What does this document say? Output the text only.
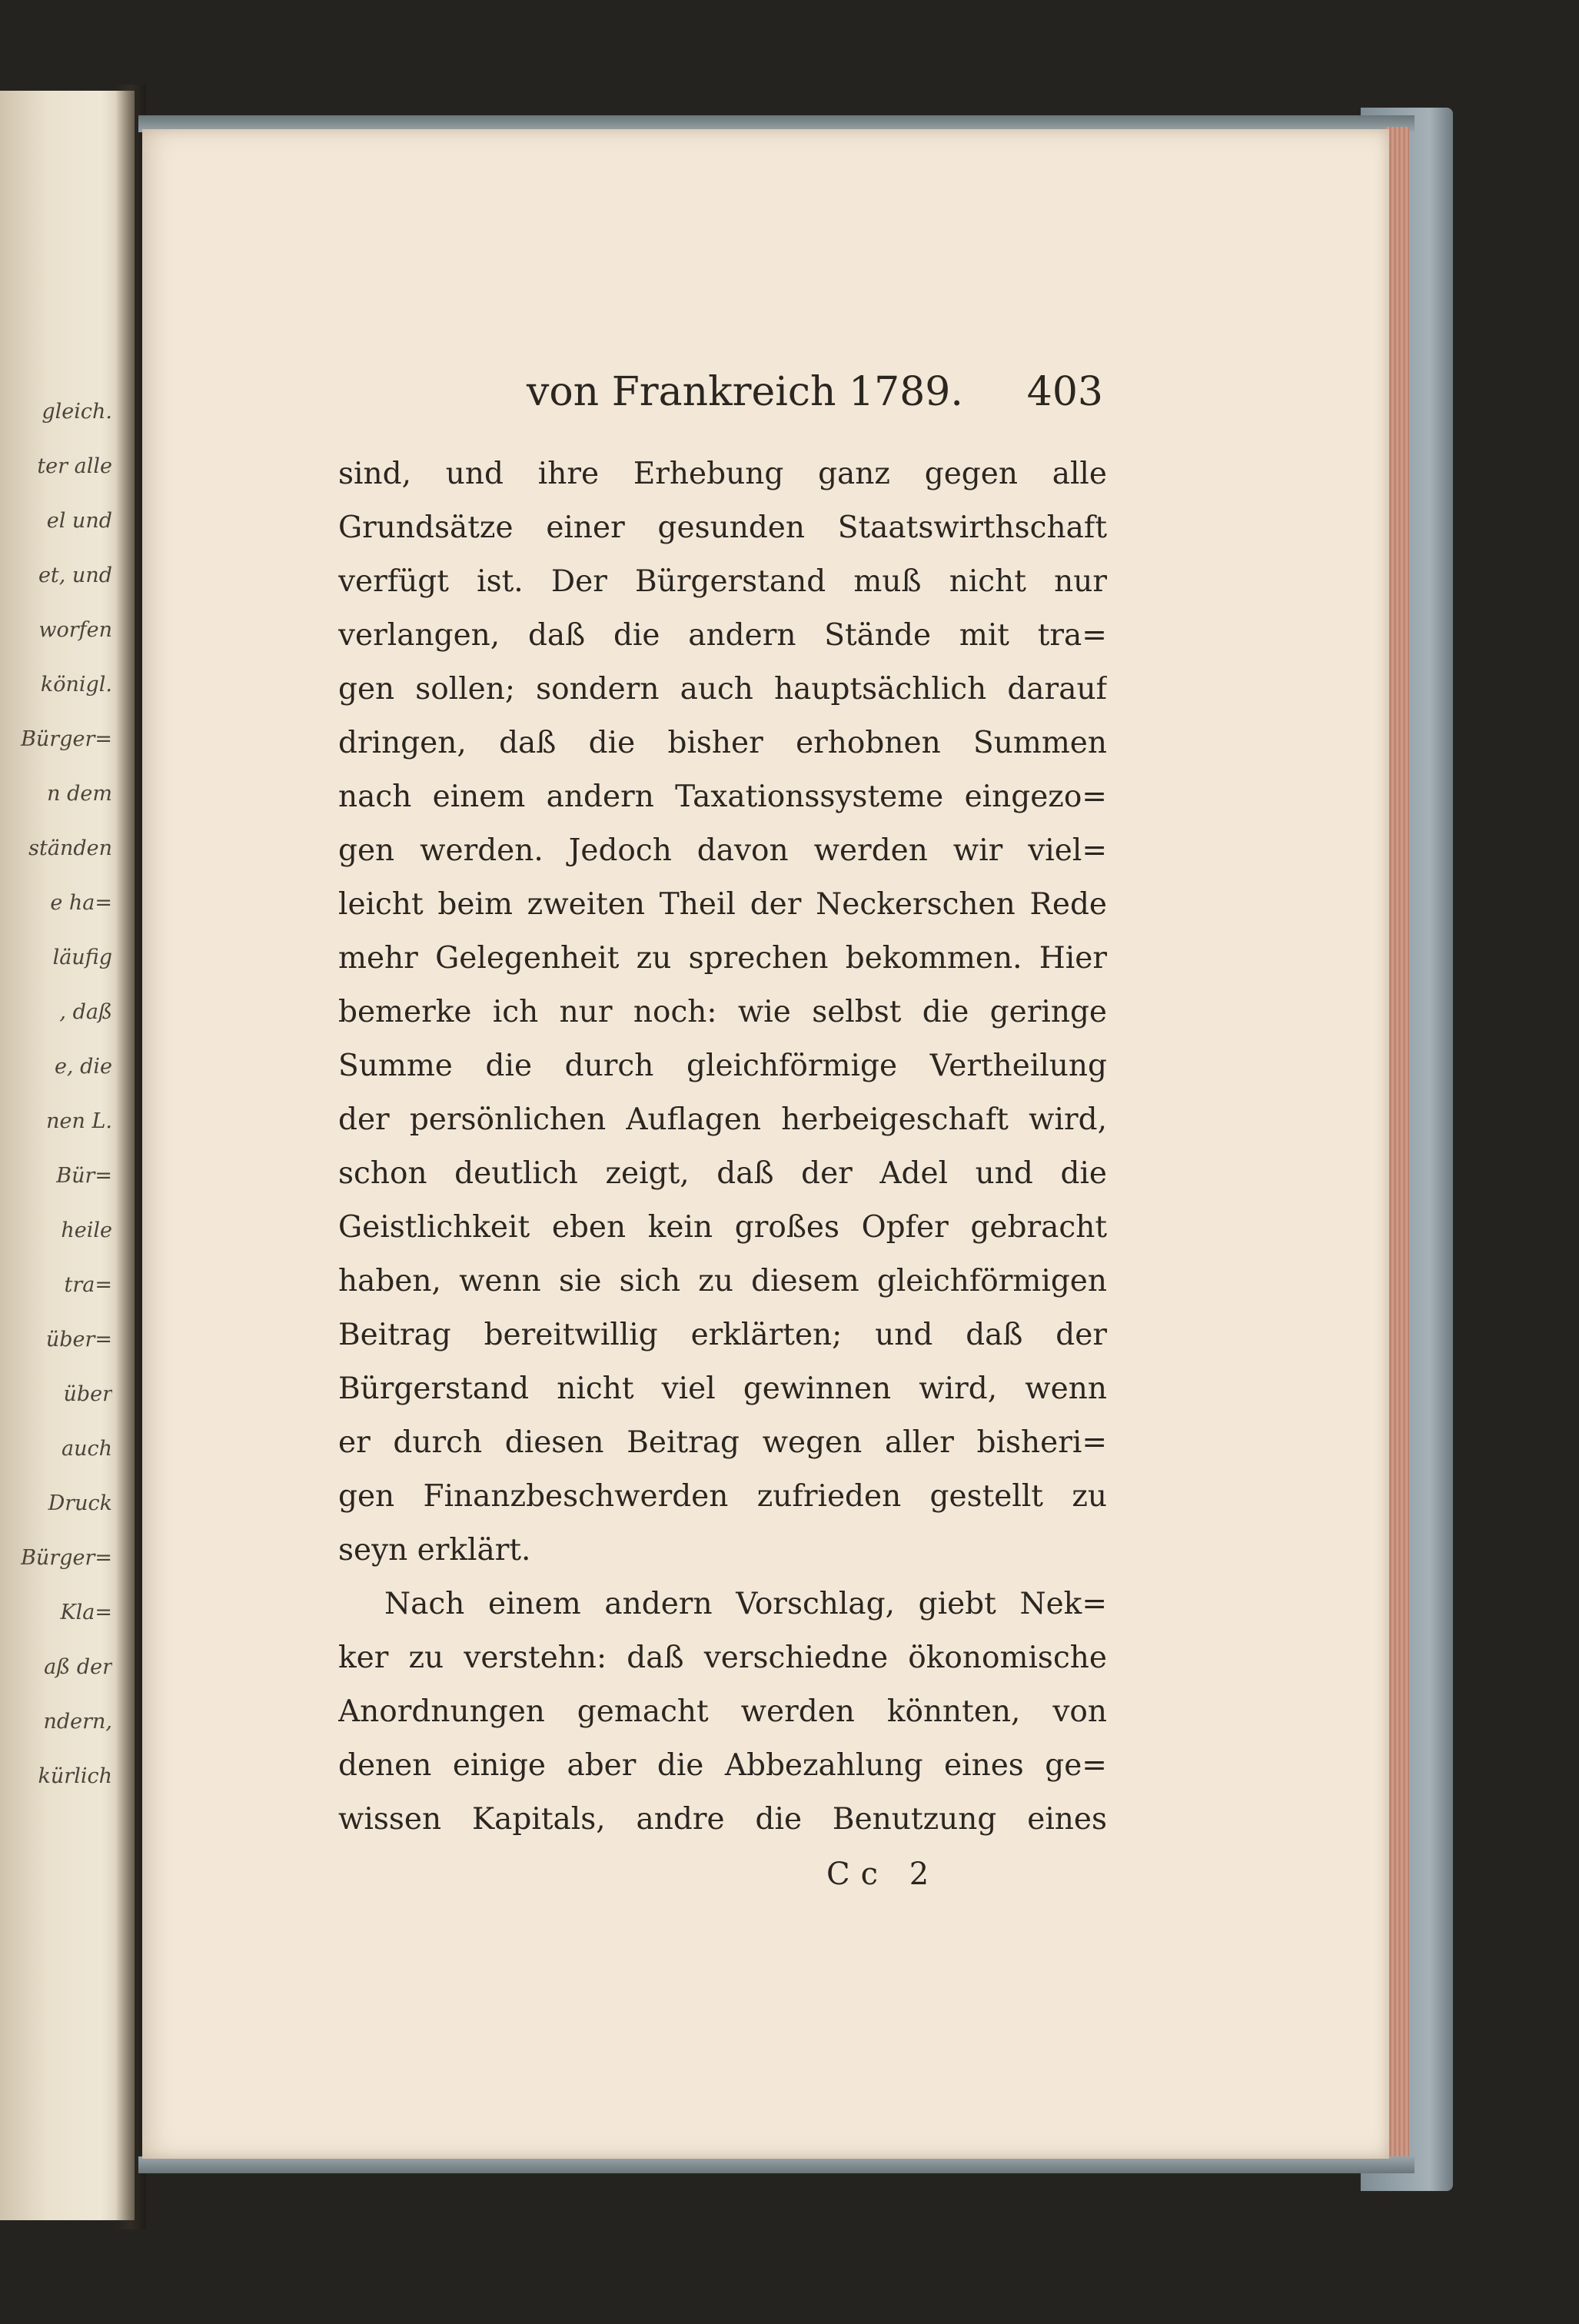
gleich.
ter alle
el und
et, und
worfen
königl.
Bürger=
n dem
ständen
e ha=
läufig
, daß
e, die
nen L.
Bür=
heile
tra=
über=
über
auch
Druck
Bürger=
Kla=
aß der
ndern,
kürlich
von Frankreich 1789. 403
sind, und ihre Erhebung ganz gegen alle
Grundsätze einer gesunden Staatswirthschaft
verfügt ist. Der Bürgerstand muß nicht nur
verlangen, daß die andern Stände mit tra=
gen sollen; sondern auch hauptsächlich darauf
dringen, daß die bisher erhobnen Summen
nach einem andern Taxationssysteme eingezo=
gen werden. Jedoch davon werden wir viel=
leicht beim zweiten Theil der Neckerschen Rede
mehr Gelegenheit zu sprechen bekommen. Hier
bemerke ich nur noch: wie selbst die geringe
Summe die durch gleichförmige Vertheilung
der persönlichen Auflagen herbeigeschaft wird,
schon deutlich zeigt, daß der Adel und die
Geistlichkeit eben kein großes Opfer gebracht
haben, wenn sie sich zu diesem gleichförmigen
Beitrag bereitwillig erklärten; und daß der
Bürgerstand nicht viel gewinnen wird, wenn
er durch diesen Beitrag wegen aller bisheri=
gen Finanzbeschwerden zufrieden gestellt zu
seyn erklärt.
Nach einem andern Vorschlag, giebt Nek=
ker zu verstehn: daß verschiedne ökonomische
Anordnungen gemacht werden könnten, von
denen einige aber die Abbezahlung eines ge=
wissen Kapitals, andre die Benutzung eines
Cc 2
